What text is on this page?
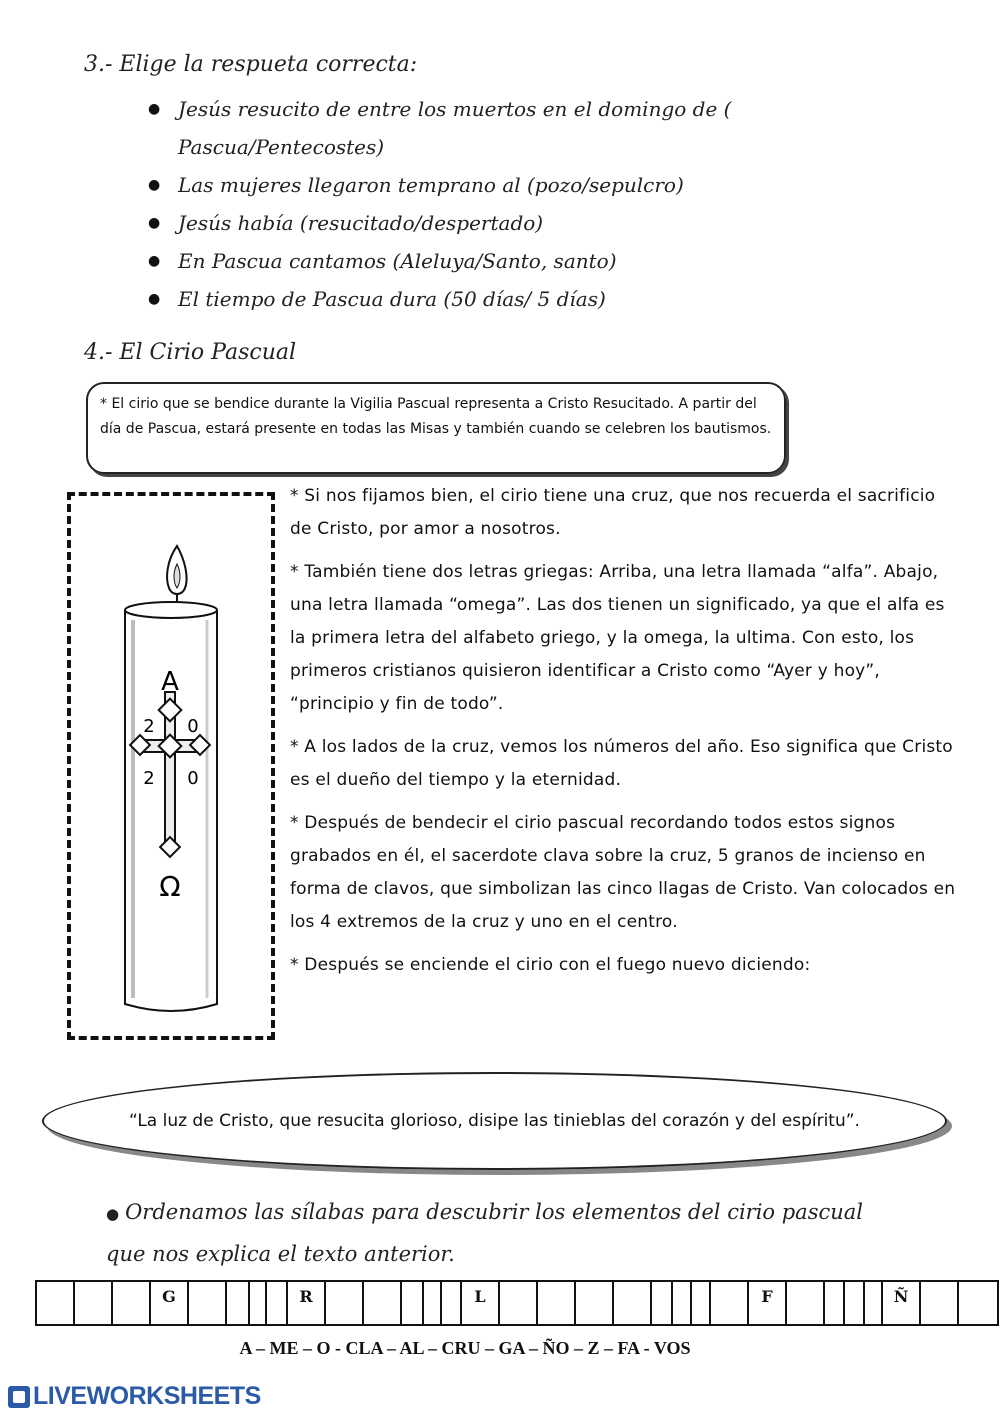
3.- Elige la respueta correcta:
● Jesús resucito de entre los muertos en el domingo de ( Pascua/Pentecostes)
● Las mujeres llegaron temprano al (pozo/sepulcro)
● Jesús había (resucitado/despertado)
● En Pascua cantamos (Aleluya/Santo, santo)
● El tiempo de Pascua dura (50 días/ 5 días)
4.- El Cirio Pascual
* El cirio que se bendice durante la Vigilia Pascual representa a Cristo Resucitado. A partir del día de Pascua, estará presente en todas las Misas y también cuando se celebren los bautismos.
A
2 0
2 0
Ω

* Si nos fijamos bien, el cirio tiene una cruz, que nos recuerda el sacrificio de Cristo, por amor a nosotros.

* También tiene dos letras griegas: Arriba, una letra llamada “alfa”. Abajo, una letra llamada “omega”. Las dos tienen un significado, ya que el alfa es la primera letra del alfabeto griego, y la omega, la ultima. Con esto, los primeros cristianos quisieron identificar a Cristo como “Ayer y hoy”, “principio y fin de todo”.

* A los lados de la cruz, vemos los números del año. Eso significa que Cristo es el dueño del tiempo y la eternidad.

* Después de bendecir el cirio pascual recordando todos estos signos grabados en él, el sacerdote clava sobre la cruz, 5 granos de incienso en forma de clavos, que simbolizan las cinco llagas de Cristo. Van colocados en los 4 extremos de la cruz y uno en el centro.

* Después se enciende el cirio con el fuego nuevo diciendo:

“La luz de Cristo, que resucita glorioso, disipe las tinieblas del corazón y del espíritu”.
● Ordenamos las sílabas para descubrir los elementos del cirio pascual que nos explica el texto anterior.
G	R	L	F	Ñ
A – ME – O - CLA – AL – CRU – GA – ÑO – Z – FA - VOS
LIVEWORKSHEETS
